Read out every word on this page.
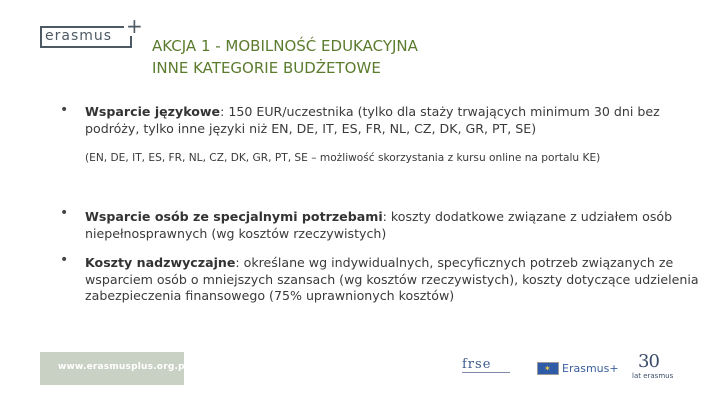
erasmus +
AKCJA 1 - MOBILNOŚĆ EDUKACYJNA
INNE KATEGORIE BUDŻETOWE
• Wsparcie językowe: 150 EUR/uczestnika (tylko dla staży trwających minimum 30 dni bez podróży, tylko inne języki niż EN, DE, IT, ES, FR, NL, CZ, DK, GR, PT, SE)
(EN, DE, IT, ES, FR, NL, CZ, DK, GR, PT, SE – możliwość skorzystania z kursu online na portalu KE)
• Wsparcie osób ze specjalnymi potrzebami: koszty dodatkowe związane z udziałem osób niepełnosprawnych (wg kosztów rzeczywistych)
• Koszty nadzwyczajne: określane wg indywidualnych, specyficznych potrzeb związanych ze wsparciem osób o mniejszych szansach (wg kosztów rzeczywistych), koszty dotyczące udzielenia zabezpieczenia finansowego (75% uprawnionych kosztów)
www.erasmusplus.org.pl	frse	✶ Erasmus+ 30
lat erasmus
